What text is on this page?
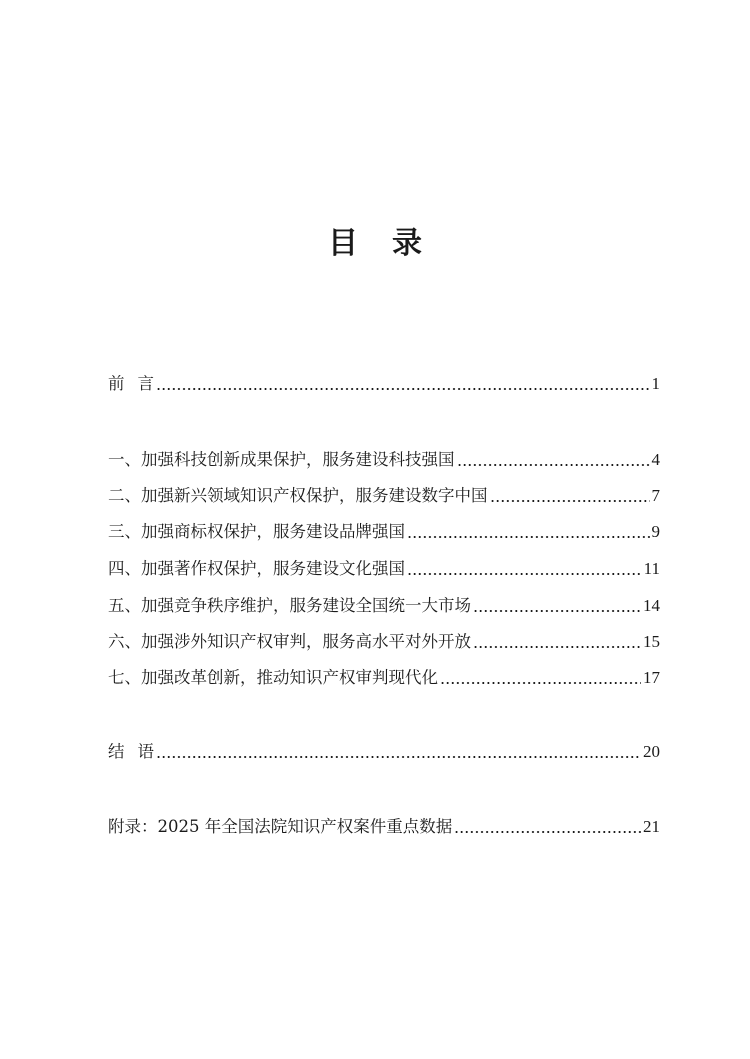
目 录
前言	1
一、加强科技创新成果保护，服务建设科技强国	4
二、加强新兴领域知识产权保护，服务建设数字中国	7
三、加强商标权保护，服务建设品牌强国	9
四、加强著作权保护，服务建设文化强国	11
五、加强竞争秩序维护，服务建设全国统一大市场	14
六、加强涉外知识产权审判，服务高水平对外开放	15
七、加强改革创新，推动知识产权审判现代化	17
结语	20
附录：2025 年全国法院知识产权案件重点数据	21
